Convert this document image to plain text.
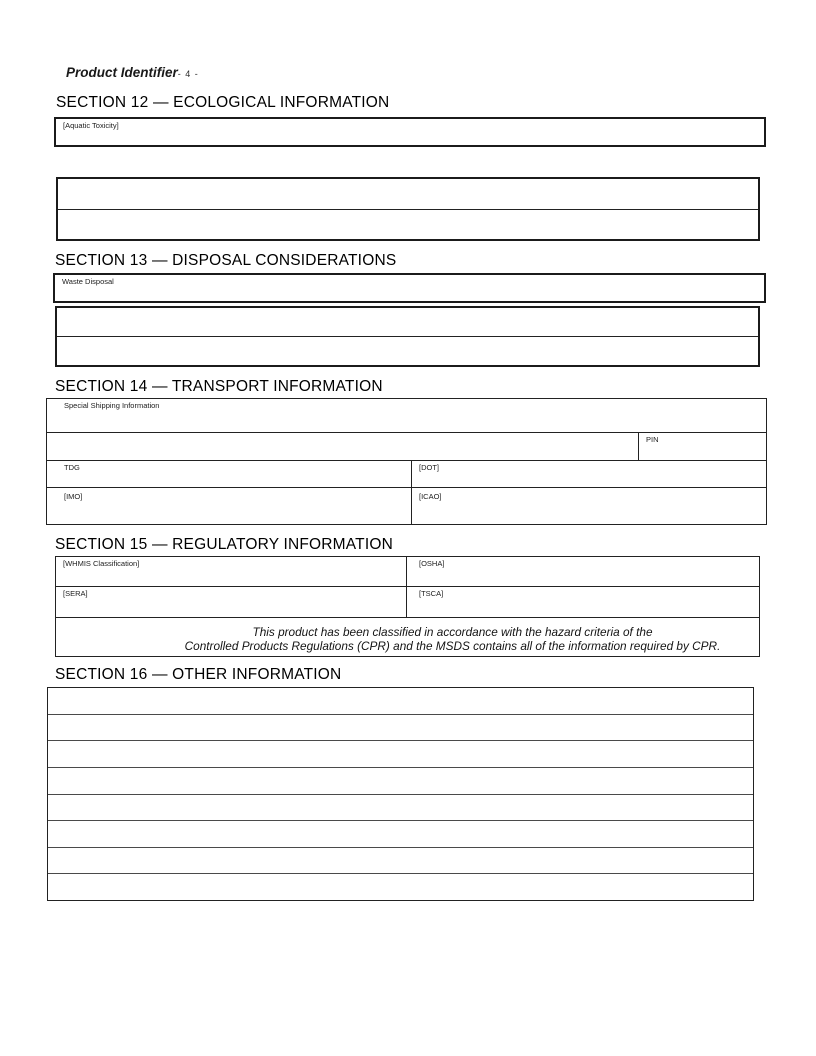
Product Identifier- 4 -
SECTION 12 — ECOLOGICAL INFORMATION
[Aquatic Toxicity]
SECTION 13 — DISPOSAL CONSIDERATIONS
Waste Disposal
SECTION 14 — TRANSPORT INFORMATION
Special Shipping Information
PIN
TDG	[DOT]
[IMO]	[ICAO]
SECTION 15 — REGULATORY INFORMATION
[WHMIS Classification]	[OSHA]
[SERA]	[TSCA]
This product has been classified in accordance with the hazard criteria of the
Controlled Products Regulations (CPR) and the MSDS contains all of the information required by CPR.
SECTION 16 — OTHER INFORMATION
